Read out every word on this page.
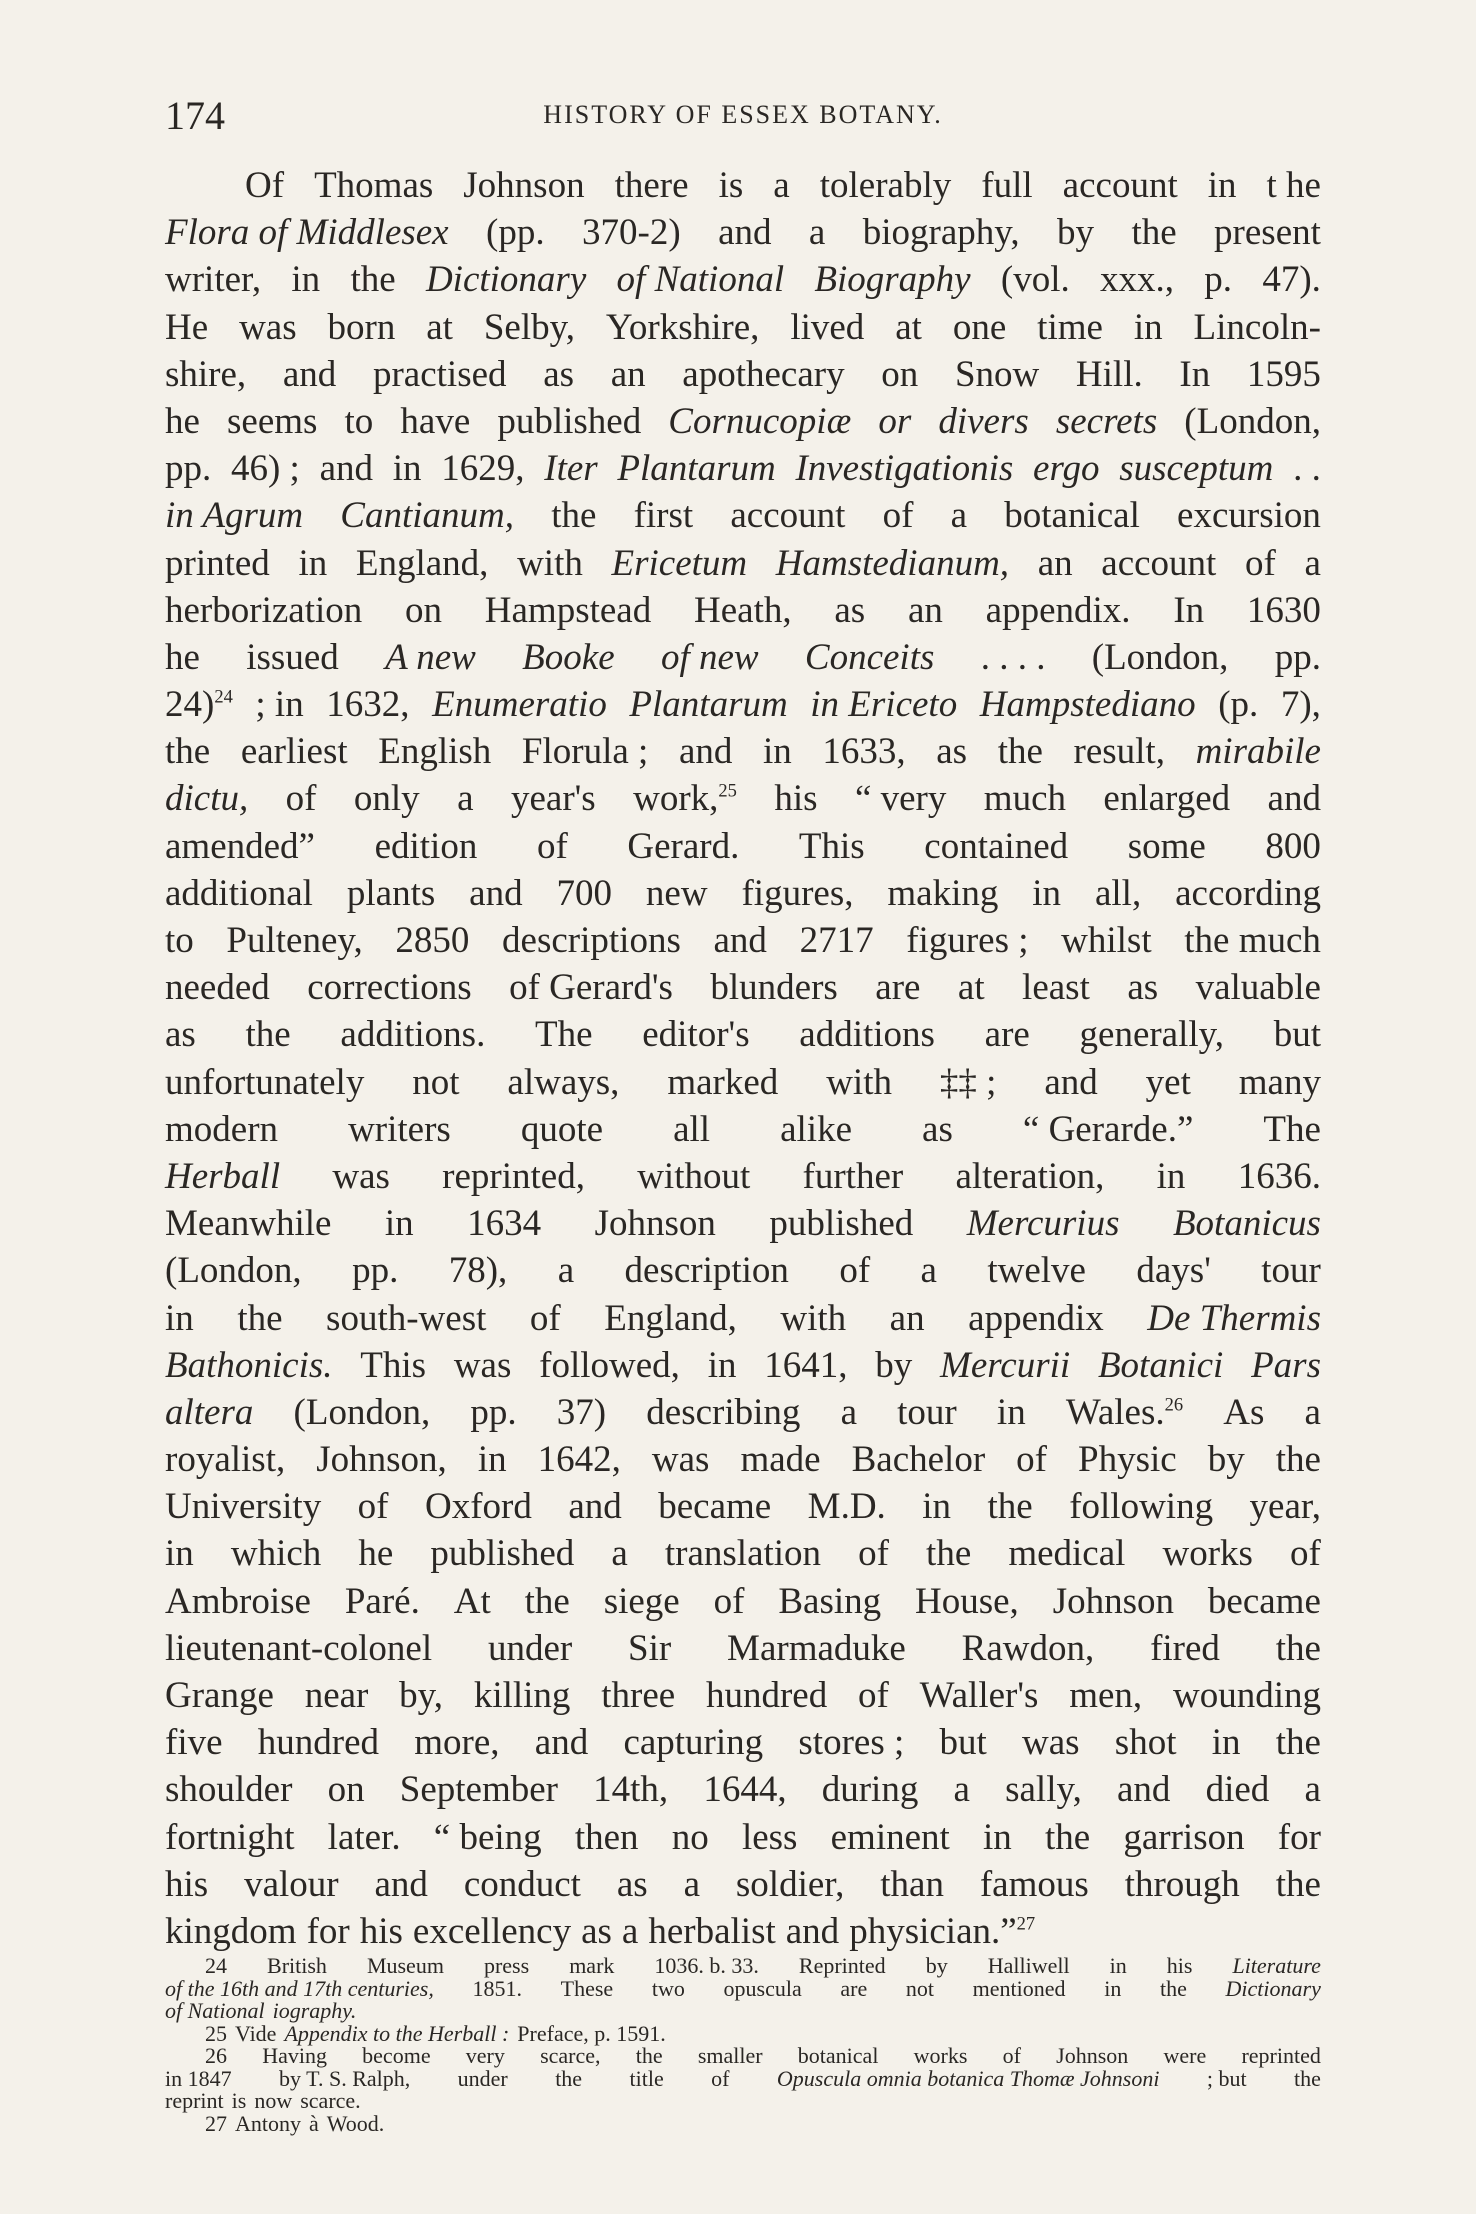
174	HISTORY OF ESSEX BOTANY.
Of Thomas Johnson there is a tolerably full account in t he
Flora of Middlesex (pp. 370-2) and a biography, by the present
writer, in the Dictionary of National Biography (vol. xxx., p. 47).
He was born at Selby, Yorkshire, lived at one time in Lincoln-
shire, and practised as an apothecary on Snow Hill. In 1595
he seems to have published Cornucopiæ or divers secrets (London,
pp. 46) ; and in 1629, Iter Plantarum Investigationis ergo susceptum . .
in Agrum Cantianum, the first account of a botanical excursion
printed in England, with Ericetum Hamstedianum, an account of a
herborization on Hampstead Heath, as an appendix. In 1630
he issued A new Booke of new Conceits . . . . (London, pp.
24)$^{24}$ ; in 1632, Enumeratio Plantarum in Ericeto Hampstediano (p. 7),
the earliest English Florula ; and in 1633, as the result, mirabile
dictu, of only a year's work,$^{25}$ his “ very much enlarged and
amended” edition of Gerard. This contained some 800
additional plants and 700 new figures, making in all, according
to Pulteney, 2850 descriptions and 2717 figures ; whilst the much
needed corrections of Gerard's blunders are at least as valuable
as the additions. The editor's additions are generally, but
unfortunately not always, marked with ‡‡ ; and yet many
modern writers quote all alike as “ Gerarde.” The
Herball was reprinted, without further alteration, in 1636.
Meanwhile in 1634 Johnson published Mercurius Botanicus
(London, pp. 78), a description of a twelve days' tour
in the south-west of England, with an appendix De Thermis
Bathonicis. This was followed, in 1641, by Mercurii Botanici Pars
altera (London, pp. 37) describing a tour in Wales.$^{26}$ As a
royalist, Johnson, in 1642, was made Bachelor of Physic by the
University of Oxford and became M.D. in the following year,
in which he published a translation of the medical works of
Ambroise Paré. At the siege of Basing House, Johnson became
lieutenant-colonel under Sir Marmaduke Rawdon, fired the
Grange near by, killing three hundred of Waller's men, wounding
five hundred more, and capturing stores ; but was shot in the
shoulder on September 14th, 1644, during a sally, and died a
fortnight later. “ being then no less eminent in the garrison for
his valour and conduct as a soldier, than famous through the
kingdom for his excellency as a herbalist and physician.”$^{27}$
24 British Museum press mark 1036. b. 33. Reprinted by Halliwell in his Literature
of the 16th and 17th centuries, 1851. These two opuscula are not mentioned in the Dictionary
of National iography.
25 Vide Appendix to the Herball : Preface, p. 1591.
26 Having become very scarce, the smaller botanical works of Johnson were reprinted
in 1847 by T. S. Ralph, under the title of Opuscula omnia botanica Thomæ Johnsoni ; but the
reprint is now scarce.
27 Antony à Wood.
